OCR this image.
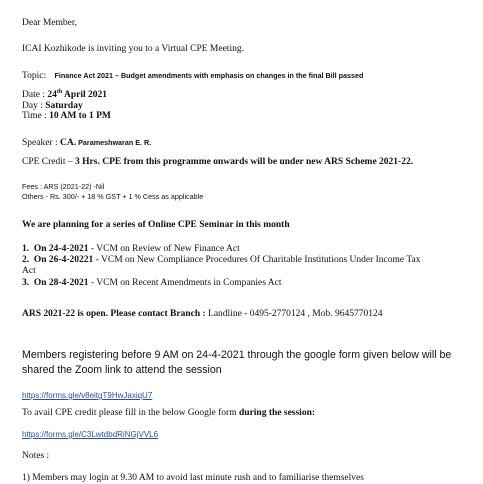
Dear Member,
ICAI Kozhikode is inviting you to a Virtual CPE Meeting.
Topic: Finance Act 2021 – Budget amendments with emphasis on changes in the final Bill passed
Date : 24th April 2021
Day : Saturday
Time : 10 AM to 1 PM
Speaker : CA. Parameshwaran E. R.
CPE Credit – 3 Hrs. CPE from this programme onwards will be under new ARS Scheme 2021-22.
Fees : ARS (2021-22) -Nil
Others - Rs. 300/- + 18 % GST + 1 % Cess as applicable
We are planning for a series of Online CPE Seminar in this month
1. On 24-4-2021 - VCM on Review of New Finance Act
2. On 26-4-20221 - VCM on New Compliance Procedures Of Charitable Institutions Under Income Tax
Act
3. On 28-4-2021 - VCM on Recent Amendments in Companies Act
ARS 2021-22 is open. Please contact Branch : Landline - 0495-2770124 , Mob. 9645770124
Members registering before 9 AM on 24-4-2021 through the google form given below will be shared the Zoom link to attend the session
https://forms.gle/v8eitgT9HwJaxiqU7
To avail CPE credit please fill in the below Google form during the session:
https://forms.gle/C3LwtdbdRiNGjVVL6
Notes :
1) Members may login at 9.30 AM to avoid last minute rush and to familiarise themselves
